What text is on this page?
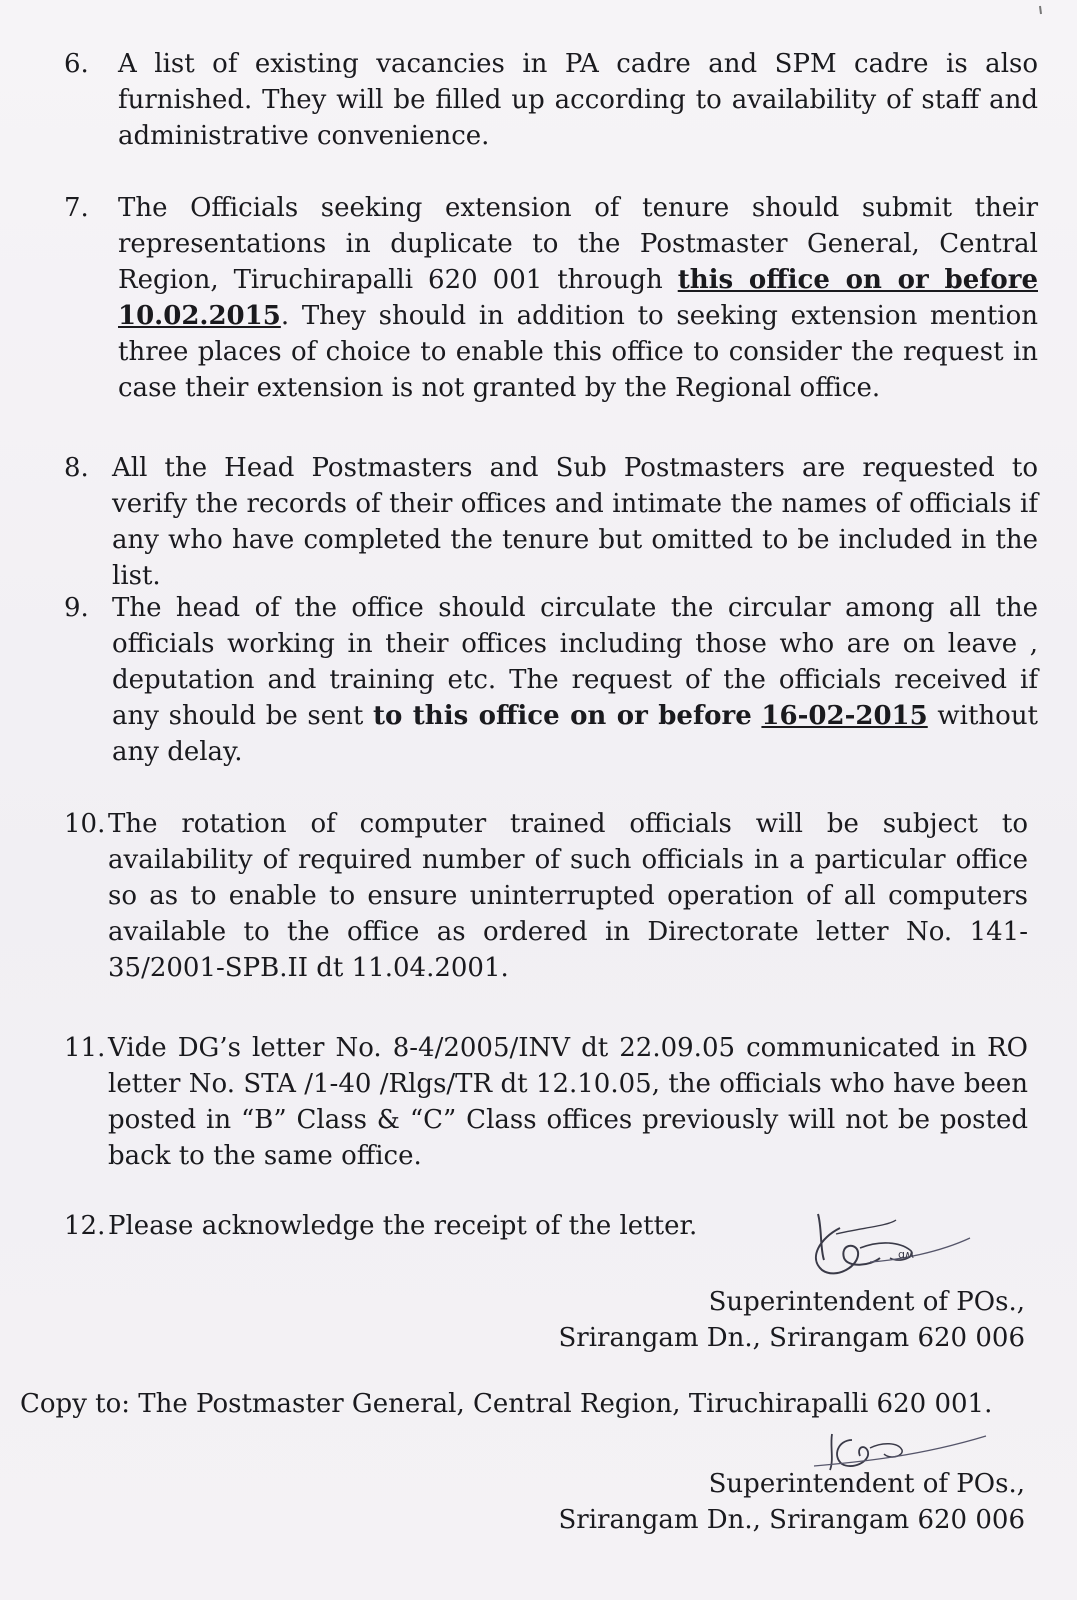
6. A list of existing vacancies in PA cadre and SPM cadre is also furnished. They will be filled up according to availability of staff and administrative convenience.
7. The Officials seeking extension of tenure should submit their representations in duplicate to the Postmaster General, Central Region, Tiruchirapalli 620 001 through this office on or before 10.02.2015. They should in addition to seeking extension mention three places of choice to enable this office to consider the request in case their extension is not granted by the Regional office.
8. All the Head Postmasters and Sub Postmasters are requested to verify the records of their offices and intimate the names of officials if any who have completed the tenure but omitted to be included in the list.
9. The head of the office should circulate the circular among all the officials working in their offices including those who are on leave , deputation and training etc. The request of the officials received if any should be sent to this office on or before 16-02-2015 without any delay.
10. The rotation of computer trained officials will be subject to availability of required number of such officials in a particular office so as to enable to ensure uninterrupted operation of all computers available to the office as ordered in Directorate letter No. 141-35/2001-SPB.II dt 11.04.2001.
11. Vide DG’s letter No. 8-4/2005/INV dt 22.09.05 communicated in RO letter No. STA /1-40 /Rlgs/TR dt 12.10.05, the officials who have been posted in “B” Class & “C” Class offices previously will not be posted back to the same office.
12. Please acknowledge the receipt of the letter.
ɑʍ
Superintendent of POs.,
Srirangam Dn., Srirangam 620 006
Copy to: The Postmaster General, Central Region, Tiruchirapalli 620 001.
Superintendent of POs.,
Srirangam Dn., Srirangam 620 006
